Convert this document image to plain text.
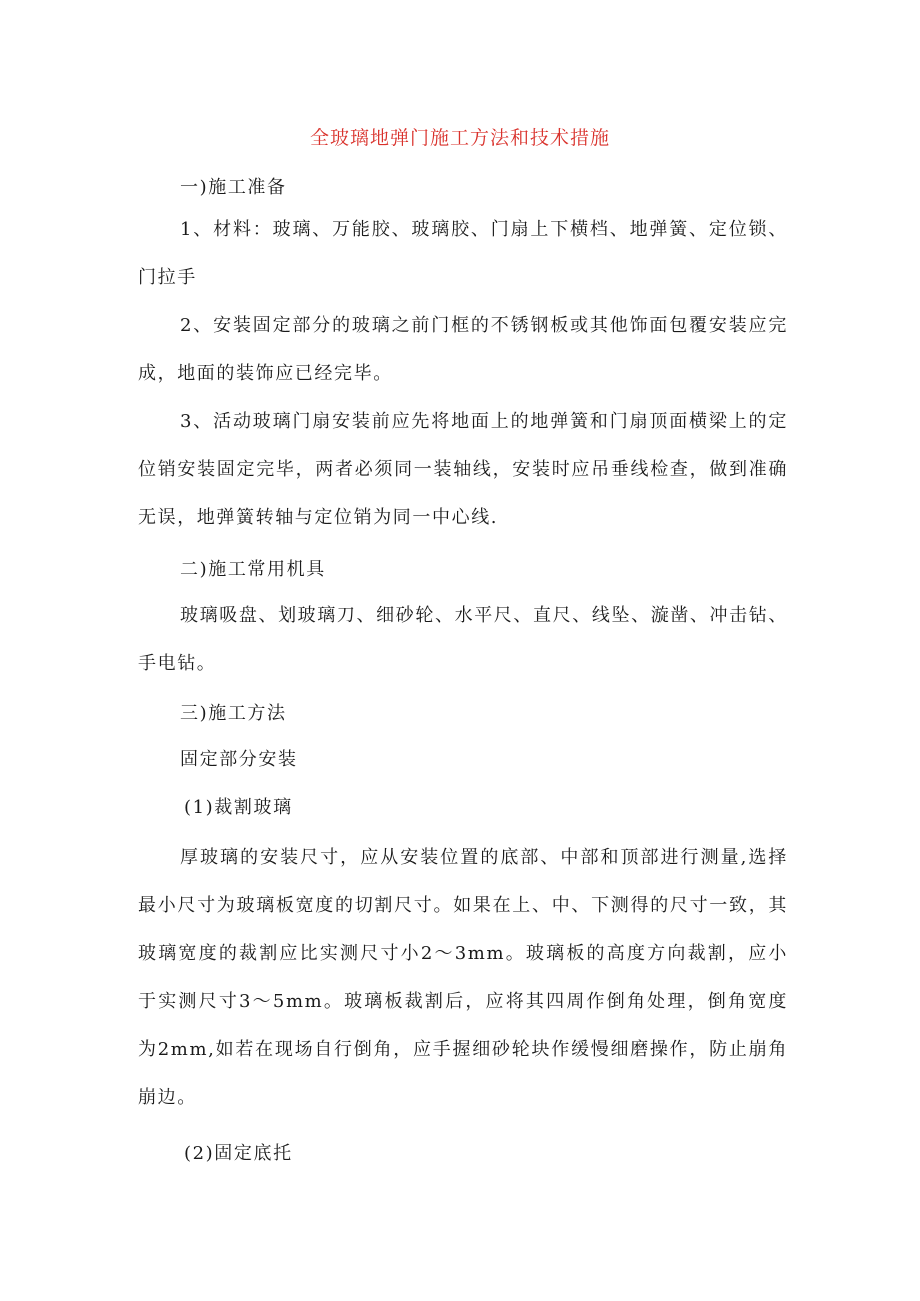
全玻璃地弹门施工方法和技术措施

一)施工准备

1、材料：玻璃、万能胶、玻璃胶、门扇上下横档、地弹簧、定位锁、门拉手

2、安装固定部分的玻璃之前门框的不锈钢板或其他饰面包覆安装应完成，地面的装饰应已经完毕。

3、活动玻璃门扇安装前应先将地面上的地弹簧和门扇顶面横梁上的定位销安装固定完毕，两者必须同一装轴线，安装时应吊垂线检查，做到准确无误，地弹簧转轴与定位销为同一中心线.

二)施工常用机具

玻璃吸盘、划玻璃刀、细砂轮、水平尺、直尺、线坠、漩凿、冲击钻、手电钻。

三)施工方法

固定部分安装

(1)裁割玻璃

厚玻璃的安装尺寸，应从安装位置的底部、中部和顶部进行测量,选择最小尺寸为玻璃板宽度的切割尺寸。如果在上、中、下测得的尺寸一致，其玻璃宽度的裁割应比实测尺寸小2～3mm。玻璃板的高度方向裁割，应小于实测尺寸3～5mm。玻璃板裁割后，应将其四周作倒角处理，倒角宽度为2mm,如若在现场自行倒角，应手握细砂轮块作缓慢细磨操作，防止崩角崩边。

(2)固定底托
